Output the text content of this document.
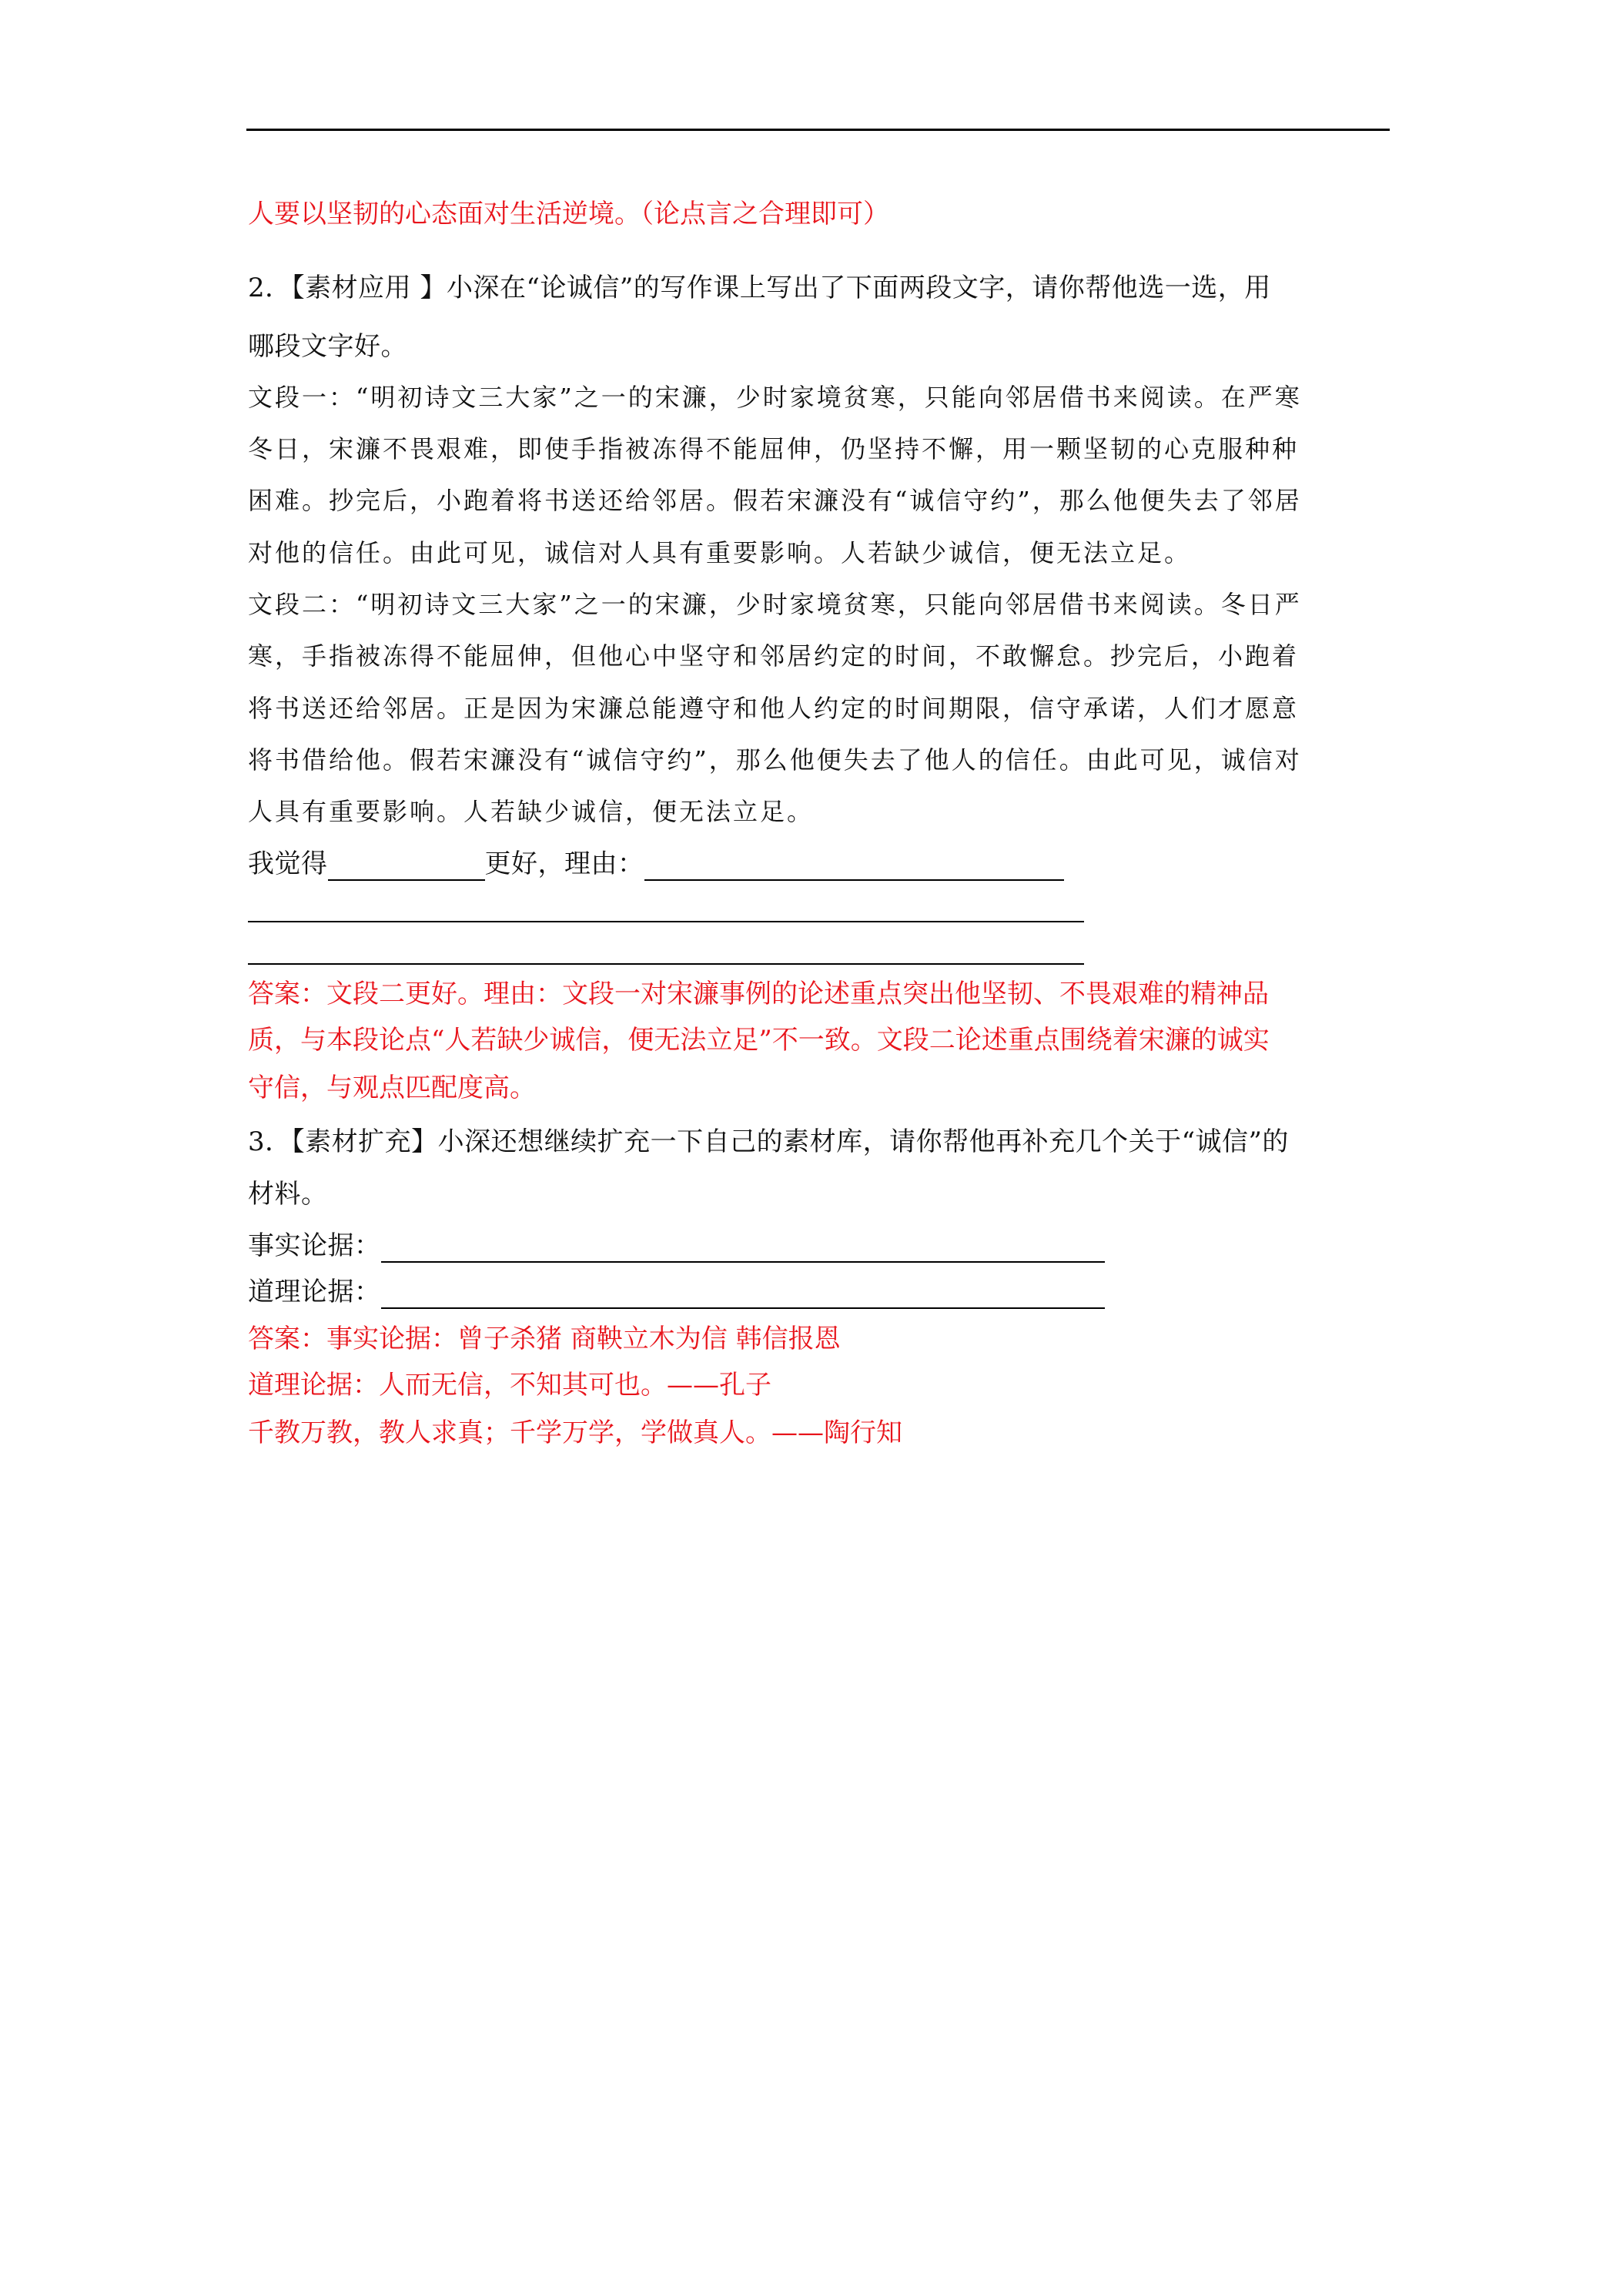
人要以坚韧的心态面对生活逆境。（论点言之合理即可）
2．【素材应用 】小深在“论诚信”的写作课上写出了下面两段文字，请你帮他选一选，用
哪段文字好。
文段一：“明初诗文三大家”之一的宋濂，少时家境贫寒，只能向邻居借书来阅读。在严寒
冬日，宋濂不畏艰难，即使手指被冻得不能屈伸，仍坚持不懈，用一颗坚韧的心克服种种
困难。抄完后，小跑着将书送还给邻居。假若宋濂没有“诚信守约”，那么他便失去了邻居
对他的信任。由此可见，诚信对人具有重要影响。人若缺少诚信，便无法立足。
文段二：“明初诗文三大家”之一的宋濂，少时家境贫寒，只能向邻居借书来阅读。冬日严
寒，手指被冻得不能屈伸，但他心中坚守和邻居约定的时间，不敢懈怠。抄完后，小跑着
将书送还给邻居。正是因为宋濂总能遵守和他人约定的时间期限，信守承诺，人们才愿意
将书借给他。假若宋濂没有“诚信守约”，那么他便失去了他人的信任。由此可见，诚信对
人具有重要影响。人若缺少诚信，便无法立足。
我觉得	更好，理由：
答案：文段二更好。理由：文段一对宋濂事例的论述重点突出他坚韧、不畏艰难的精神品
质，与本段论点“人若缺少诚信，便无法立足”不一致。文段二论述重点围绕着宋濂的诚实
守信，与观点匹配度高。
3．【素材扩充】小深还想继续扩充一下自己的素材库，请你帮他再补充几个关于“诚信”的
材料。
事实论据：
道理论据：
答案：事实论据：曾子杀猪 商鞅立木为信 韩信报恩
道理论据：人而无信，不知其可也。——孔子
千教万教，教人求真；千学万学，学做真人。——陶行知
